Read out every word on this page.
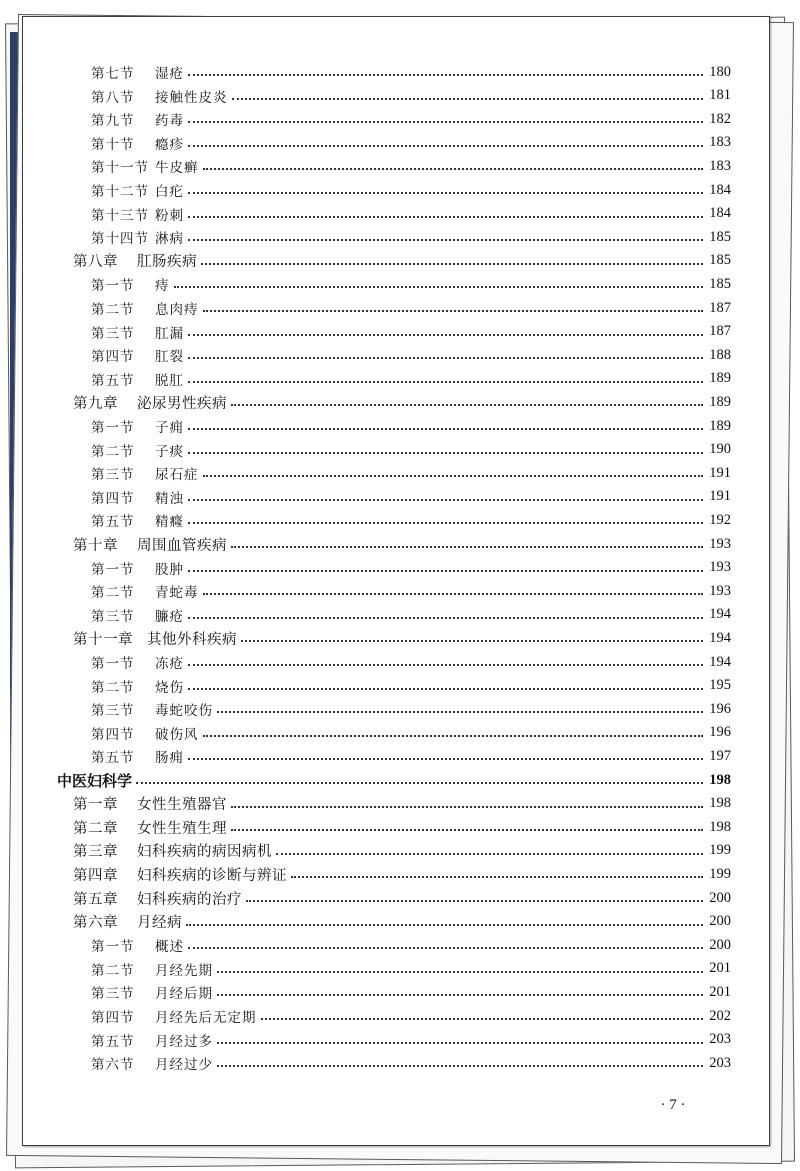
第七节	湿疮	180
第八节	接触性皮炎	181
第九节	药毒	182
第十节	瘾疹	183
第十一节 牛皮癣	183
第十二节 白疕	184
第十三节 粉刺	184
第十四节 淋病	185
第八章	肛肠疾病	185
第一节	痔	185
第二节	息肉痔	187
第三节	肛漏	187
第四节	肛裂	188
第五节	脱肛	189
第九章	泌尿男性疾病	189
第一节	子痈	189
第二节	子痰	190
第三节	尿石症	191
第四节	精浊	191
第五节	精癃	192
第十章	周围血管疾病	193
第一节	股肿	193
第二节	青蛇毒	193
第三节	臁疮	194
第十一章 其他外科疾病	194
第一节	冻疮	194
第二节	烧伤	195
第三节	毒蛇咬伤	196
第四节	破伤风	196
第五节	肠痈	197
中医妇科学	198
第一章	女性生殖器官	198
第二章	女性生殖生理	198
第三章	妇科疾病的病因病机	199
第四章	妇科疾病的诊断与辨证	199
第五章	妇科疾病的治疗	200
第六章	月经病	200
第一节	概述	200
第二节	月经先期	201
第三节	月经后期	201
第四节	月经先后无定期	202
第五节	月经过多	203
第六节	月经过少	203
· 7 ·
